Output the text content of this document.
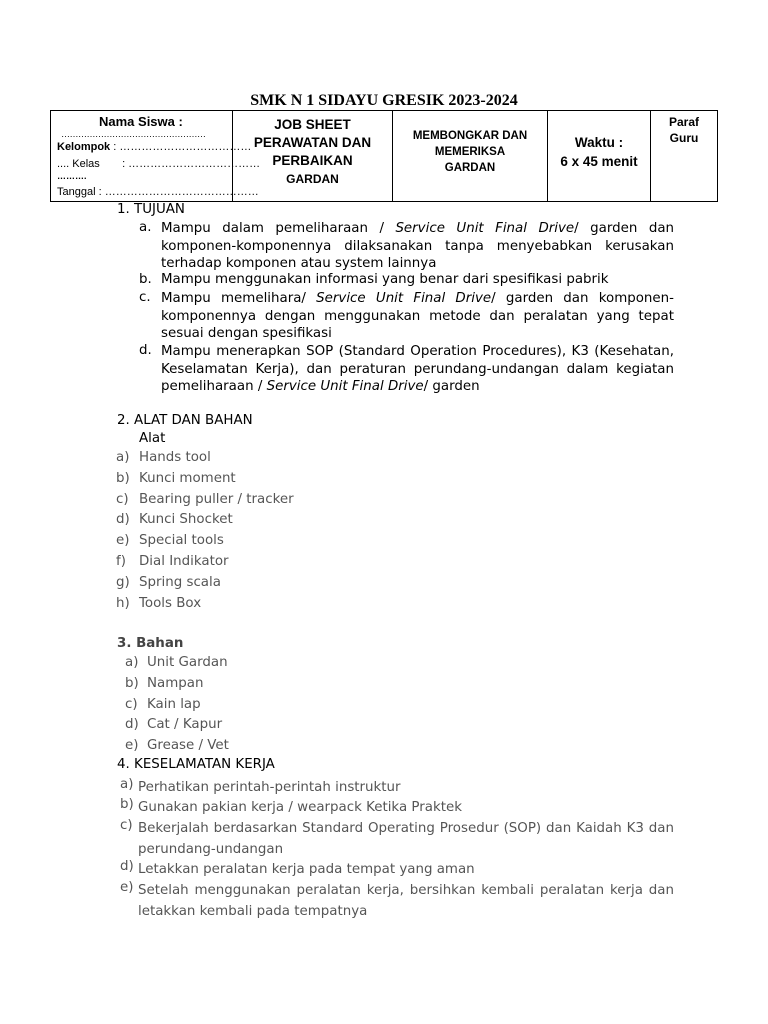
SMK N 1 SIDAYU GRESIK 2023-2024
Nama Siswa :
……………………………………………
Kelompok : ………………………………
.... Kelas : ………………………………
……….
Tanggal : ……………………………………
JOB SHEET
PERAWATAN DAN
PERBAIKAN
GARDAN
MEMBONGKAR DAN
MEMERIKSA
GARDAN
Waktu :
6 x 45 menit
Paraf
Guru
1. TUJUAN
a. Mampu dalam pemeliharaan / Service Unit Final Drive/ garden dan komponen-komponennya dilaksanakan tanpa menyebabkan kerusakan terhadap komponen atau system lainnya
b. Mampu menggunakan informasi yang benar dari spesifikasi pabrik
c. Mampu memelihara/ Service Unit Final Drive/ garden dan komponen-komponennya dengan menggunakan metode dan peralatan yang tepat sesuai dengan spesifikasi
d. Mampu menerapkan SOP (Standard Operation Procedures), K3 (Kesehatan, Keselamatan Kerja), dan peraturan perundang-undangan dalam kegiatan pemeliharaan / Service Unit Final Drive/ garden
2. ALAT DAN BAHAN
Alat
a) Hands tool
b) Kunci moment
c) Bearing puller / tracker
d) Kunci Shocket
e) Special tools
f) Dial Indikator
g) Spring scala
h) Tools Box
3. Bahan
a) Unit Gardan
b) Nampan
c) Kain lap
d) Cat / Kapur
e) Grease / Vet
4. KESELAMATAN KERJA
a) Perhatikan perintah-perintah instruktur
b) Gunakan pakian kerja / wearpack Ketika Praktek
c) Bekerjalah berdasarkan Standard Operating Prosedur (SOP) dan Kaidah K3 dan perundang-undangan
d) Letakkan peralatan kerja pada tempat yang aman
e) Setelah menggunakan peralatan kerja, bersihkan kembali peralatan kerja dan letakkan kembali pada tempatnya
